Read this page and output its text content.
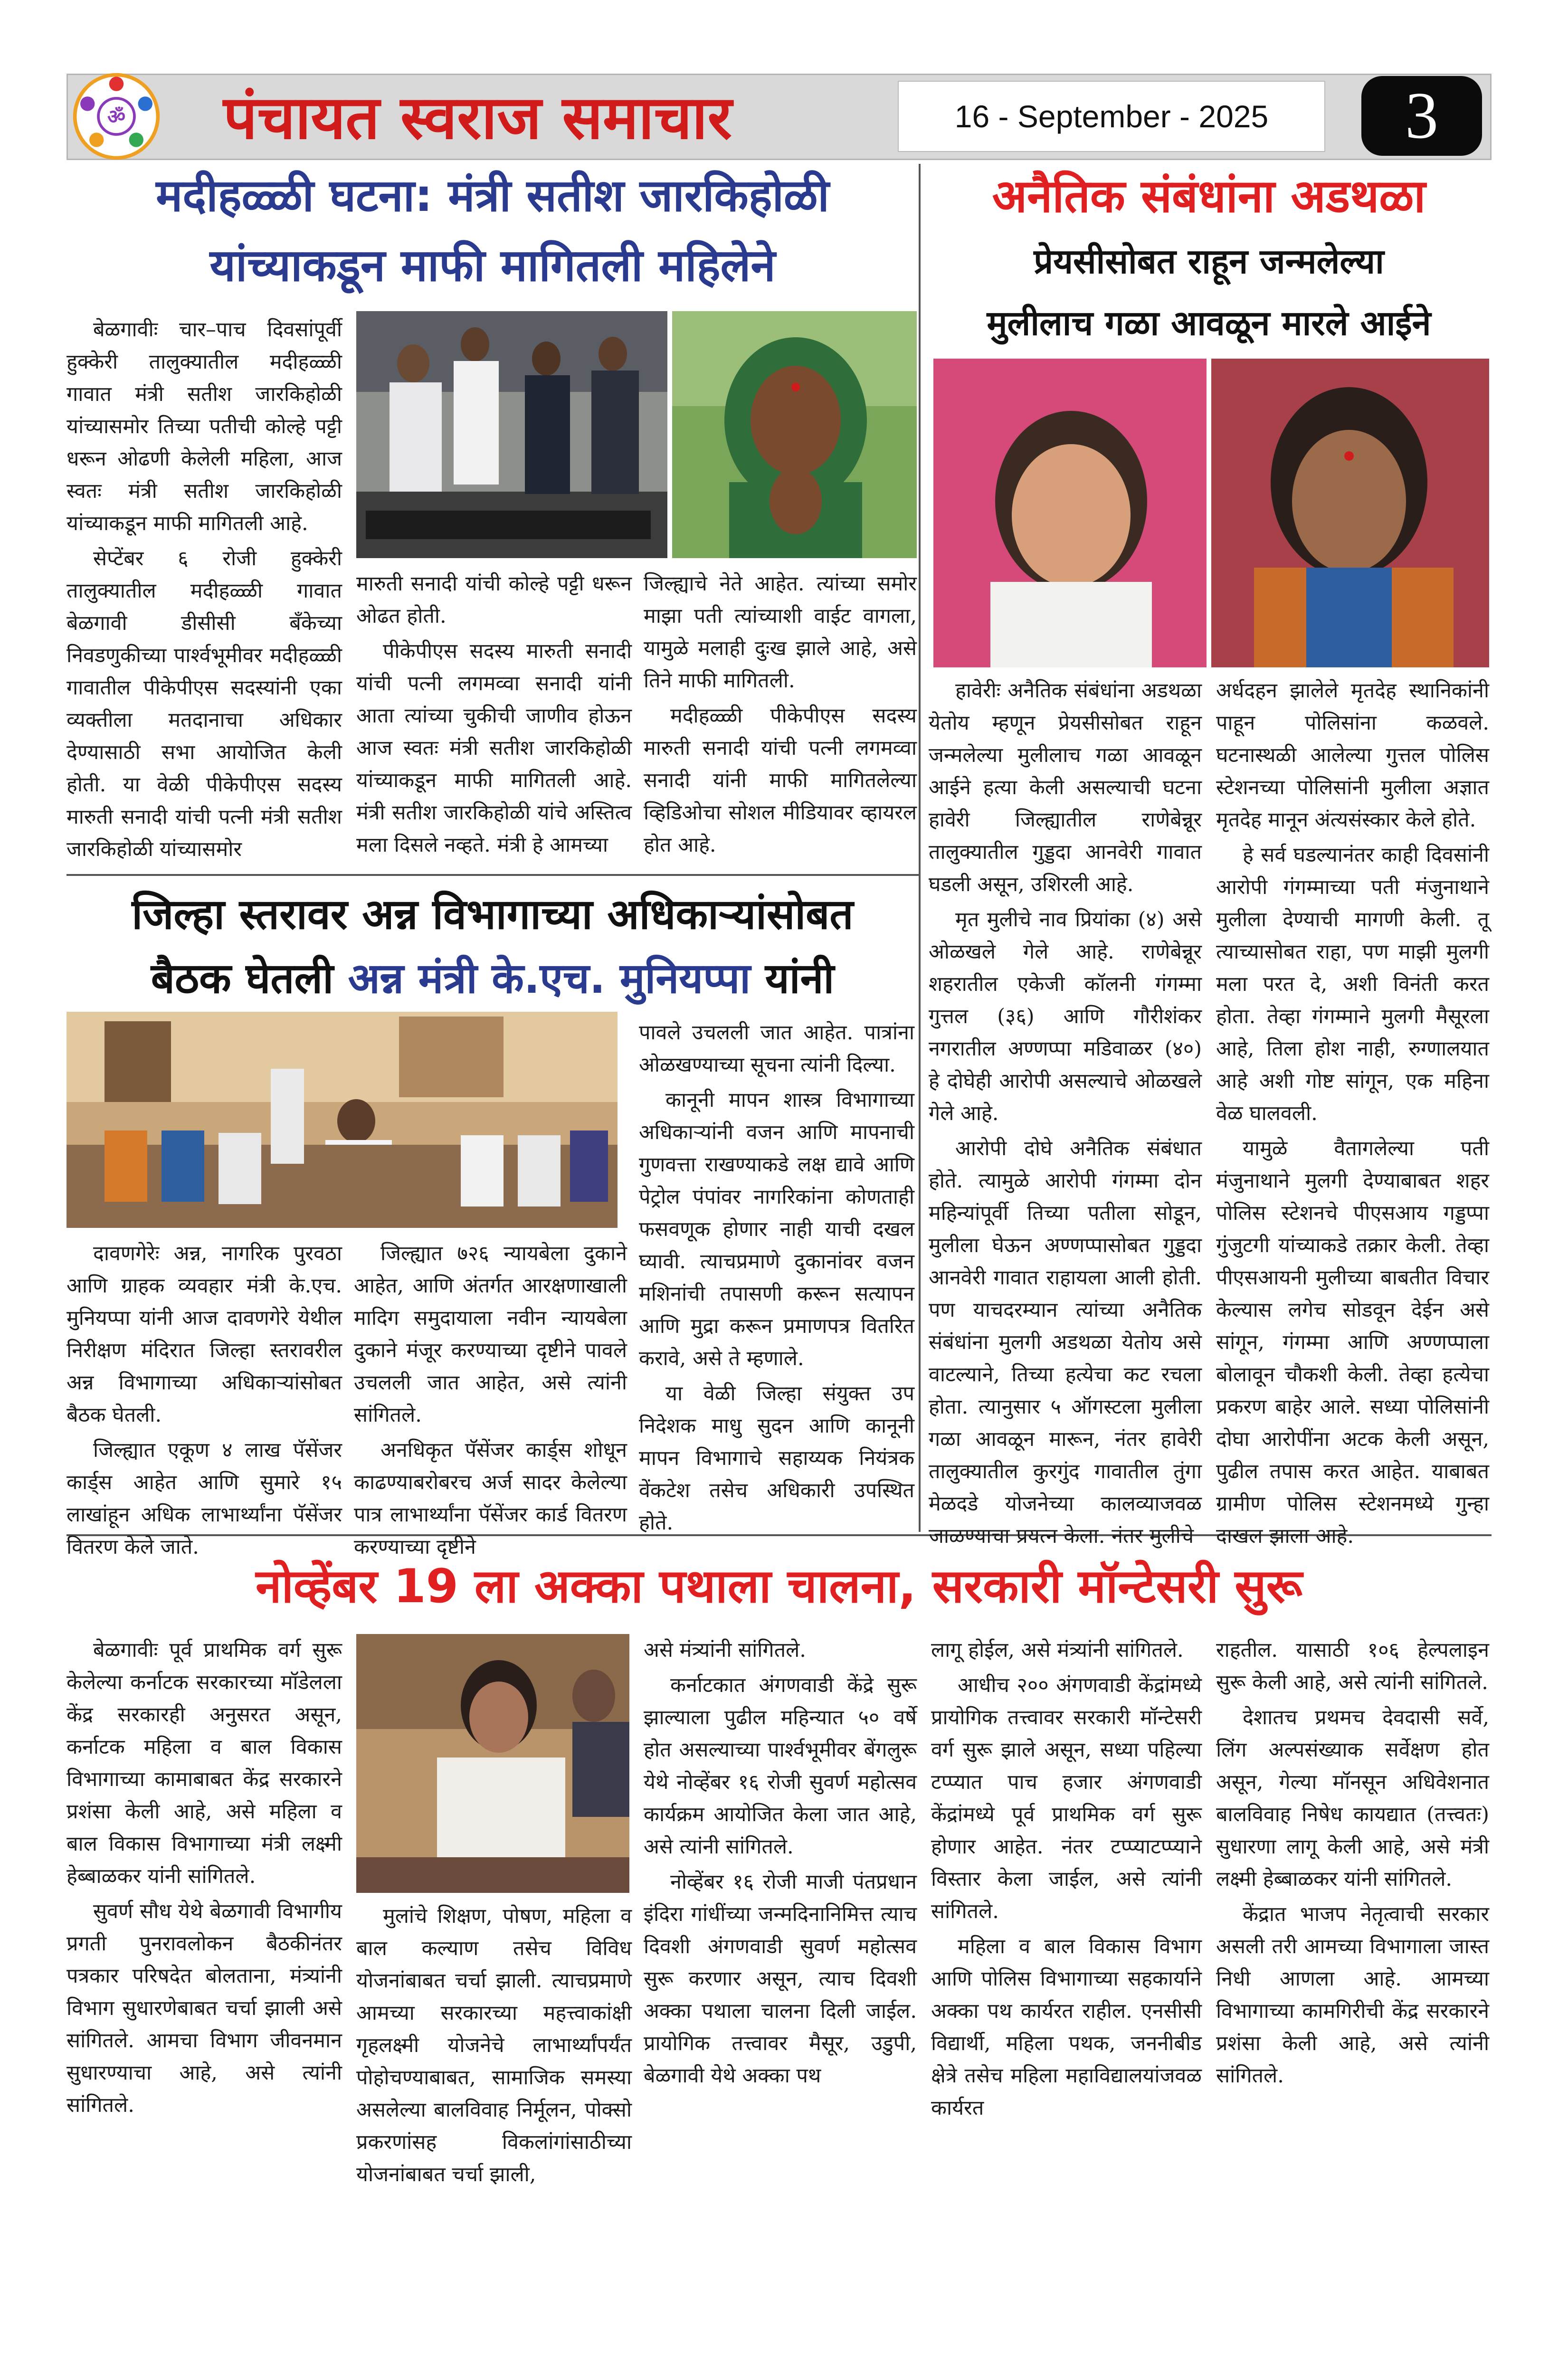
ॐ पंचायत स्वराज समाचार	16 - September - 2025	3
मदीहळ्ळी घटना: मंत्री सतीश जारकिहोळी
यांच्याकडून माफी मागितली महिलेने

बेळगावीः चार–पाच दिवसांपूर्वी हुक्केरी तालुक्यातील मदीहळ्ळी गावात मंत्री सतीश जारकिहोळी यांच्यासमोर तिच्या पतीची कोल्हे पट्टी धरून ओढणी केलेली महिला, आज स्वतः मंत्री सतीश जारकिहोळी यांच्याकडून माफी मागितली आहे.

सेप्टेंबर ६ रोजी हुक्केरी तालुक्यातील मदीहळ्ळी गावात बेळगावी डीसीसी बँकेच्या निवडणुकीच्या पार्श्वभूमीवर मदीहळ्ळी गावातील पीकेपीएस सदस्यांनी एका व्यक्तीला मतदानाचा अधिकार देण्यासाठी सभा आयोजित केली होती. या वेळी पीकेपीएस सदस्य मारुती सनादी यांची पत्नी मंत्री सतीश जारकिहोळी यांच्यासमोर

मारुती सनादी यांची कोल्हे पट्टी धरून ओढत होती.

पीकेपीएस सदस्य मारुती सनादी यांची पत्नी लगमव्वा सनादी यांनी आता त्यांच्या चुकीची जाणीव होऊन आज स्वतः मंत्री सतीश जारकिहोळी यांच्याकडून माफी मागितली आहे. मंत्री सतीश जारकिहोळी यांचे अस्तित्व मला दिसले नव्हते. मंत्री हे आमच्या

जिल्ह्याचे नेते आहेत. त्यांच्या समोर माझा पती त्यांच्याशी वाईट वागला, यामुळे मलाही दुःख झाले आहे, असे तिने माफी मागितली.

मदीहळ्ळी पीकेपीएस सदस्य मारुती सनादी यांची पत्नी लगमव्वा सनादी यांनी माफी मागितलेल्या व्हिडिओचा सोशल मीडियावर व्हायरल होत आहे.

जिल्हा स्तरावर अन्न विभागाच्या अधिकाऱ्यांसोबत
बैठक घेतली अन्न मंत्री के.एच. मुनियप्पा यांनी

पावले उचलली जात आहेत. पात्रांना ओळखण्याच्या सूचना त्यांनी दिल्या.

कानूनी मापन शास्त्र विभागाच्या अधिकाऱ्यांनी वजन आणि मापनाची गुणवत्ता राखण्याकडे लक्ष द्यावे आणि पेट्रोल पंपांवर नागरिकांना कोणताही फसवणूक होणार नाही याची दखल घ्यावी. त्याचप्रमाणे दुकानांवर वजन मशिनांची तपासणी करून सत्यापन आणि मुद्रा करून प्रमाणपत्र वितरित करावे, असे ते म्हणाले.

या वेळी जिल्हा संयुक्त उप निदेशक माधु सुदन आणि कानूनी मापन विभागाचे सहाय्यक नियंत्रक वेंकटेश तसेच अधिकारी उपस्थित होते.

दावणगेरेः अन्न, नागरिक पुरवठा आणि ग्राहक व्यवहार मंत्री के.एच. मुनियप्पा यांनी आज दावणगेरे येथील निरीक्षण मंदिरात जिल्हा स्तरावरील अन्न विभागाच्या अधिकाऱ्यांसोबत बैठक घेतली.

जिल्ह्यात एकूण ४ लाख पॅसेंजर कार्ड्स आहेत आणि सुमारे १५ लाखांहून अधिक लाभार्थ्यांना पॅसेंजर वितरण केले जाते.

जिल्ह्यात ७२६ न्यायबेला दुकाने आहेत, आणि अंतर्गत आरक्षणाखाली मादिग समुदायाला नवीन न्यायबेला दुकाने मंजूर करण्याच्या दृष्टीने पावले उचलली जात आहेत, असे त्यांनी सांगितले.

अनधिकृत पॅसेंजर कार्ड्स शोधून काढण्याबरोबरच अर्ज सादर केलेल्या पात्र लाभार्थ्यांना पॅसेंजर कार्ड वितरण करण्याच्या दृष्टीने

अनैतिक संबंधांना अडथळा
प्रेयसीसोबत राहून जन्मलेल्या
मुलीलाच गळा आवळून मारले आईने

हावेरीः अनैतिक संबंधांना अडथळा येतोय म्हणून प्रेयसीसोबत राहून जन्मलेल्या मुलीलाच गळा आवळून आईने हत्या केली असल्याची घटना हावेरी जिल्ह्यातील राणेबेन्नूर तालुक्यातील गुड्डदा आनवेरी गावात घडली असून, उशिरली आहे.

मृत मुलीचे नाव प्रियांका (४) असे ओळखले गेले आहे. राणेबेन्नूर शहरातील एकेजी कॉलनी गंगम्मा गुत्तल (३६) आणि गौरीशंकर नगरातील अण्णप्पा मडिवाळर (४०) हे दोघेही आरोपी असल्याचे ओळखले गेले आहे.

आरोपी दोघे अनैतिक संबंधात होते. त्यामुळे आरोपी गंगम्मा दोन महिन्यांपूर्वी तिच्या पतीला सोडून, मुलीला घेऊन अण्णप्पासोबत गुड्डदा आनवेरी गावात राहायला आली होती. पण याचदरम्यान त्यांच्या अनैतिक संबंधांना मुलगी अडथळा येतोय असे वाटल्याने, तिच्या हत्येचा कट रचला होता. त्यानुसार ५ ऑगस्टला मुलीला गळा आवळून मारून, नंतर हावेरी तालुक्यातील कुरगुंद गावातील तुंगा मेळदडे योजनेच्या कालव्याजवळ जाळण्याचा प्रयत्न केला. नंतर मुलीचे

अर्धदहन झालेले मृतदेह स्थानिकांनी पाहून पोलिसांना कळवले. घटनास्थळी आलेल्या गुत्तल पोलिस स्टेशनच्या पोलिसांनी मुलीला अज्ञात मृतदेह मानून अंत्यसंस्कार केले होते.

हे सर्व घडल्यानंतर काही दिवसांनी आरोपी गंगम्माच्या पती मंजुनाथाने मुलीला देण्याची मागणी केली. तू त्याच्यासोबत राहा, पण माझी मुलगी मला परत दे, अशी विनंती करत होता. तेव्हा गंगम्माने मुलगी मैसूरला आहे, तिला होश नाही, रुग्णालयात आहे अशी गोष्ट सांगून, एक महिना वेळ घालवली.

यामुळे वैतागलेल्या पती मंजुनाथाने मुलगी देण्याबाबत शहर पोलिस स्टेशनचे पीएसआय गड्डप्पा गुंजुटगी यांच्याकडे तक्रार केली. तेव्हा पीएसआयनी मुलीच्या बाबतीत विचार केल्यास लगेच सोडवून देईन असे सांगून, गंगम्मा आणि अण्णप्पाला बोलावून चौकशी केली. तेव्हा हत्येचा प्रकरण बाहेर आले. सध्या पोलिसांनी दोघा आरोपींना अटक केली असून, पुढील तपास करत आहेत. याबाबत ग्रामीण पोलिस स्टेशनमध्ये गुन्हा दाखल झाला आहे.

नोव्हेंबर 19 ला अक्का पथाला चालना, सरकारी मॉन्टेसरी सुरू

बेळगावीः पूर्व प्राथमिक वर्ग सुरू केलेल्या कर्नाटक सरकारच्या मॉडेलला केंद्र सरकारही अनुसरत असून, कर्नाटक महिला व बाल विकास विभागाच्या कामाबाबत केंद्र सरकारने प्रशंसा केली आहे, असे महिला व बाल विकास विभागाच्या मंत्री लक्ष्मी हेब्बाळकर यांनी सांगितले.

सुवर्ण सौध येथे बेळगावी विभागीय प्रगती पुनरावलोकन बैठकीनंतर पत्रकार परिषदेत बोलताना, मंत्र्यांनी विभाग सुधारणेबाबत चर्चा झाली असे सांगितले. आमचा विभाग जीवनमान सुधारण्याचा आहे, असे त्यांनी सांगितले.

मुलांचे शिक्षण, पोषण, महिला व बाल कल्याण तसेच विविध योजनांबाबत चर्चा झाली. त्याचप्रमाणे आमच्या सरकारच्या महत्त्वाकांक्षी गृहलक्ष्मी योजनेचे लाभार्थ्यांपर्यंत पोहोचण्याबाबत, सामाजिक समस्या असलेल्या बालविवाह निर्मूलन, पोक्सो प्रकरणांसह विकलांगांसाठीच्या योजनांबाबत चर्चा झाली,

असे मंत्र्यांनी सांगितले.

कर्नाटकात अंगणवाडी केंद्रे सुरू झाल्याला पुढील महिन्यात ५० वर्षे होत असल्याच्या पार्श्वभूमीवर बेंगलुरू येथे नोव्हेंबर १६ रोजी सुवर्ण महोत्सव कार्यक्रम आयोजित केला जात आहे, असे त्यांनी सांगितले.

नोव्हेंबर १६ रोजी माजी पंतप्रधान इंदिरा गांधींच्या जन्मदिनानिमित्त त्याच दिवशी अंगणवाडी सुवर्ण महोत्सव सुरू करणार असून, त्याच दिवशी अक्का पथाला चालना दिली जाईल. प्रायोगिक तत्त्वावर मैसूर, उडुपी, बेळगावी येथे अक्का पथ

लागू होईल, असे मंत्र्यांनी सांगितले.

आधीच २०० अंगणवाडी केंद्रांमध्ये प्रायोगिक तत्त्वावर सरकारी मॉन्टेसरी वर्ग सुरू झाले असून, सध्या पहिल्या टप्प्यात पाच हजार अंगणवाडी केंद्रांमध्ये पूर्व प्राथमिक वर्ग सुरू होणार आहेत. नंतर टप्प्याटप्प्याने विस्तार केला जाईल, असे त्यांनी सांगितले.

महिला व बाल विकास विभाग आणि पोलिस विभागाच्या सहकार्याने अक्का पथ कार्यरत राहील. एनसीसी विद्यार्थी, महिला पथक, जननीबीड क्षेत्रे तसेच महिला महाविद्यालयांजवळ कार्यरत

राहतील. यासाठी १०६ हेल्पलाइन सुरू केली आहे, असे त्यांनी सांगितले.

देशातच प्रथमच देवदासी सर्वे, लिंग अल्पसंख्याक सर्वेक्षण होत असून, गेल्या मॉनसून अधिवेशनात बालविवाह निषेध कायद्यात (तत्त्वतः) सुधारणा लागू केली आहे, असे मंत्री लक्ष्मी हेब्बाळकर यांनी सांगितले.

केंद्रात भाजप नेतृत्वाची सरकार असली तरी आमच्या विभागाला जास्त निधी आणला आहे. आमच्या विभागाच्या कामगिरीची केंद्र सरकारने प्रशंसा केली आहे, असे त्यांनी सांगितले.
